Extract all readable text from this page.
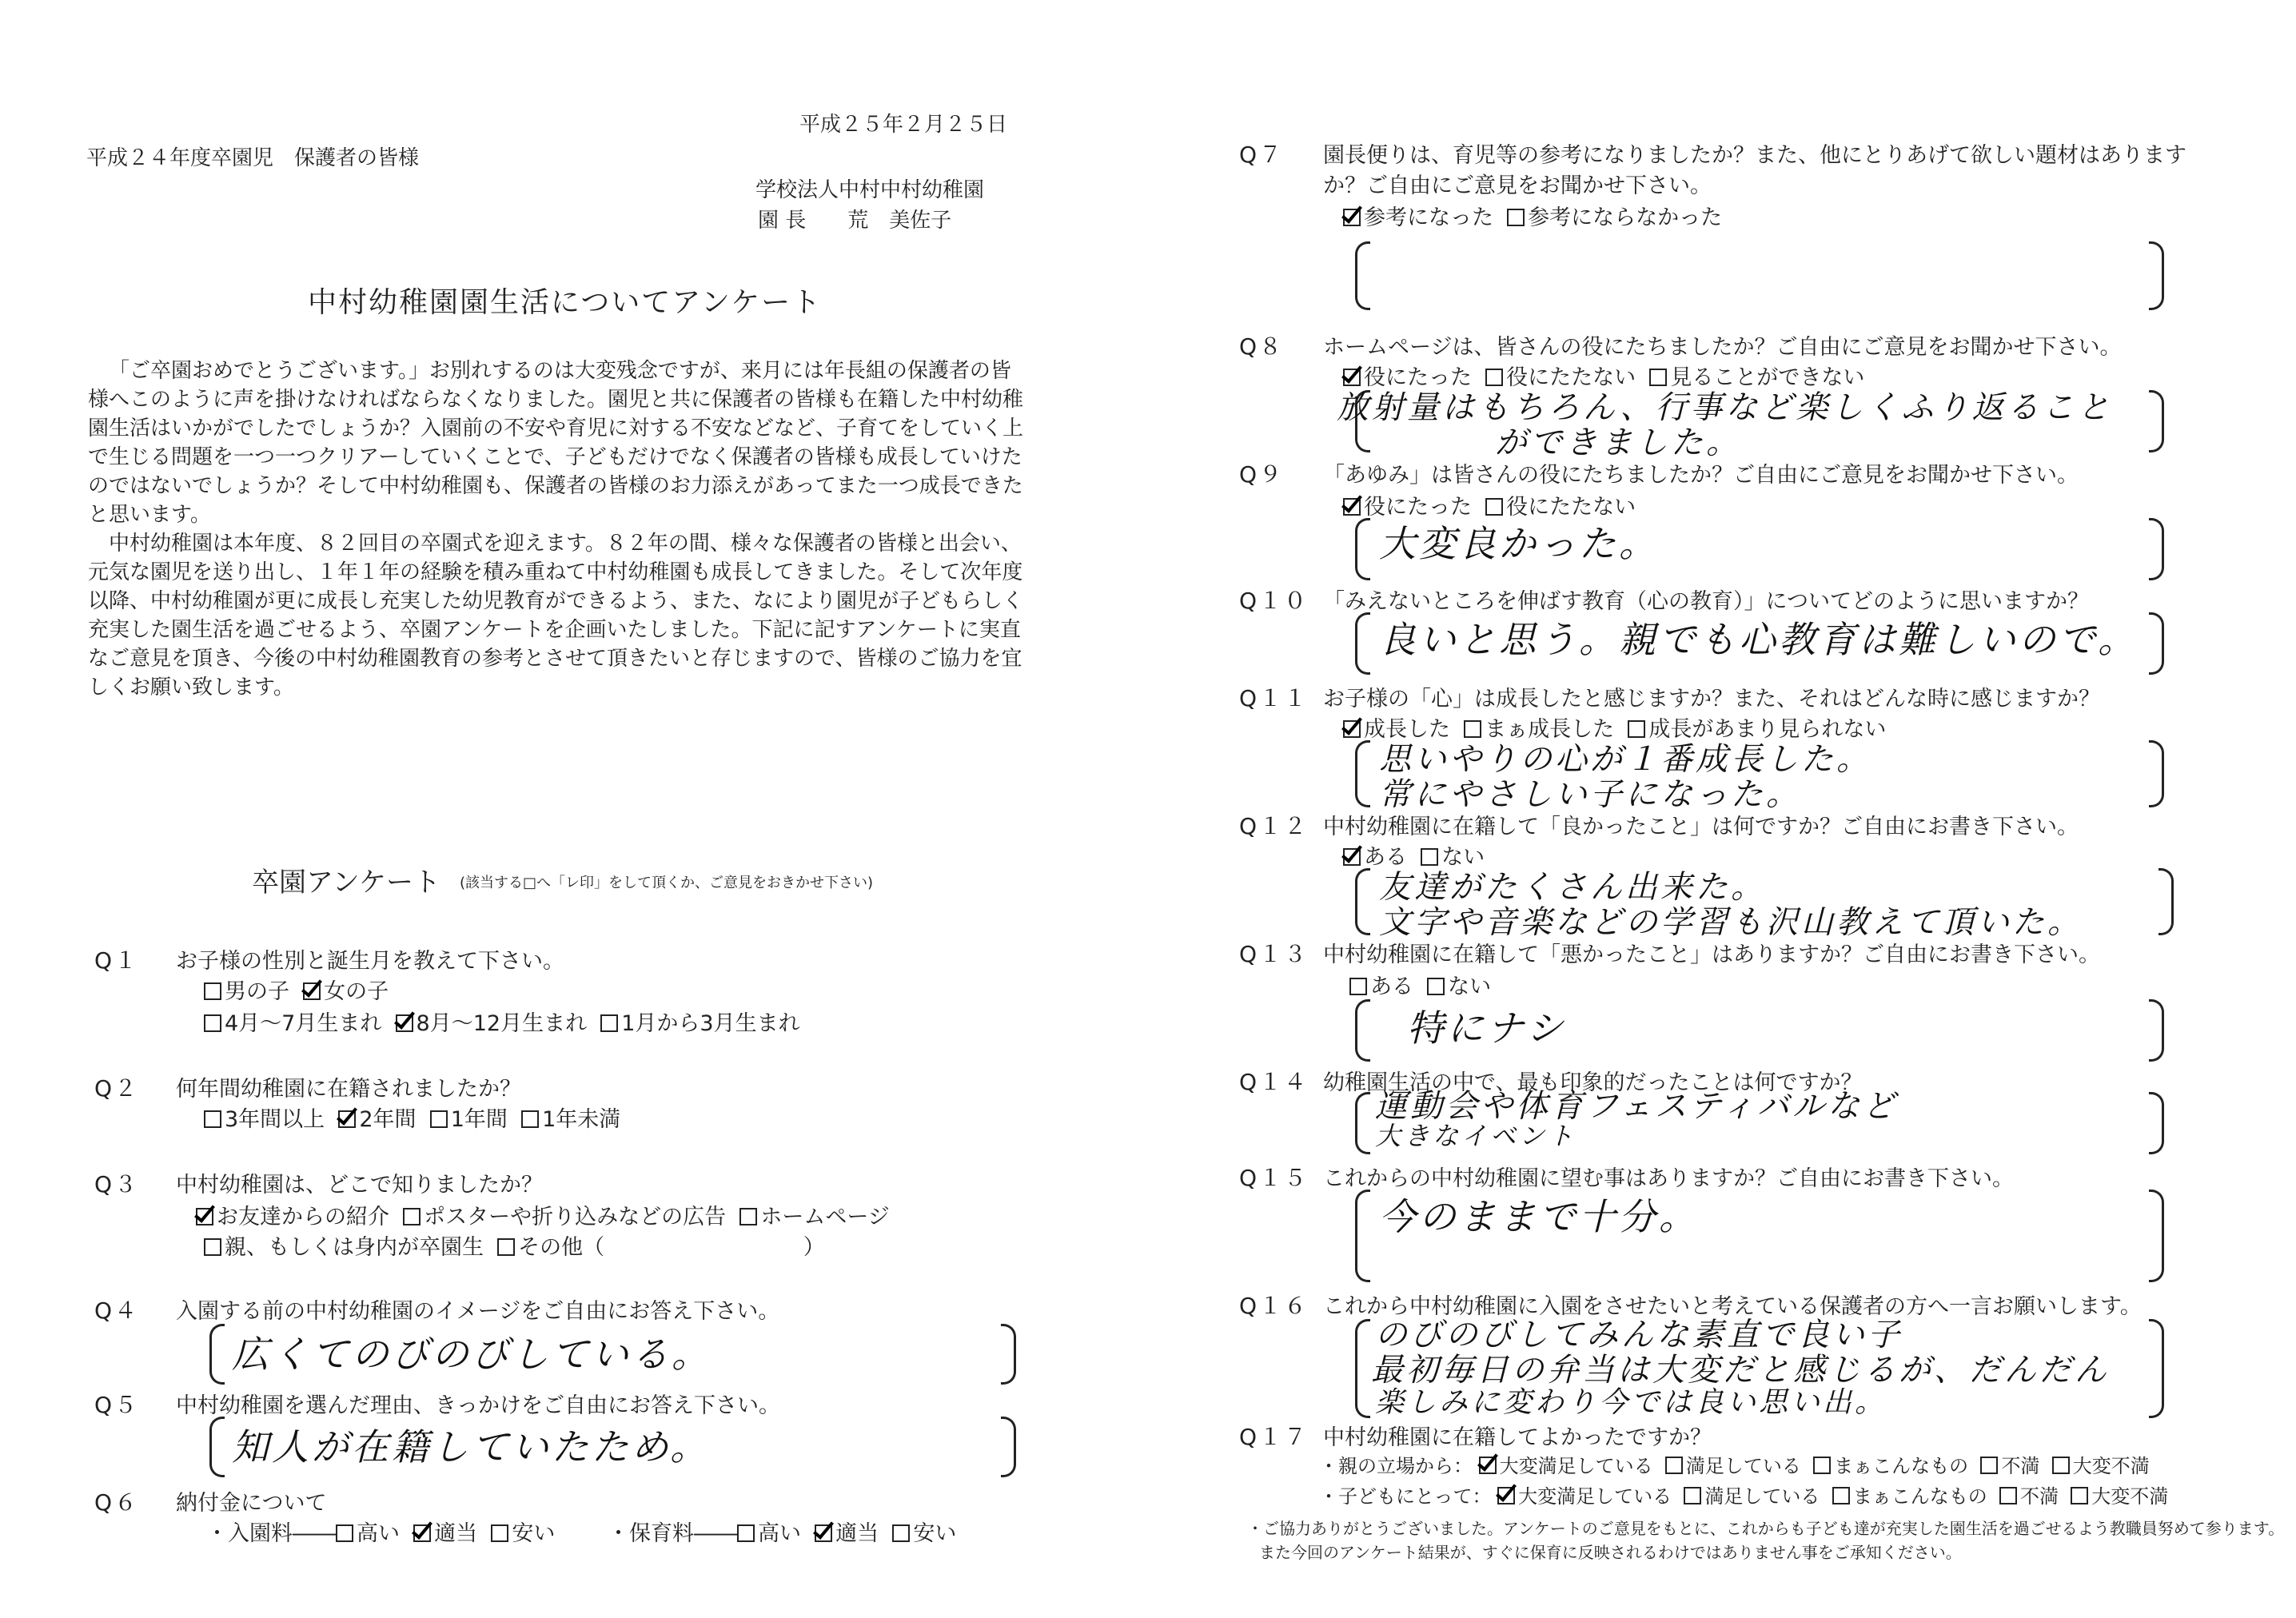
平成２５年２月２５日
平成２４年度卒園児　保護者の皆様
学校法人中村中村幼稚園
園 長　　荒　美佐子
中村幼稚園園生活についてアンケート
「ご卒園おめでとうございます。」お別れするのは大変残念ですが、来月には年長組の保護者の皆様へこのように声を掛けなければならなくなりました。園児と共に保護者の皆様も在籍した中村幼稚園生活はいかがでしたでしょうか？入園前の不安や育児に対する不安などなど、子育てをしていく上で生じる問題を一つ一つクリアーしていくことで、子どもだけでなく保護者の皆様も成長していけたのではないでしょうか？そして中村幼稚園も、保護者の皆様のお力添えがあってまた一つ成長できたと思います。
中村幼稚園は本年度、８２回目の卒園式を迎えます。８２年の間、様々な保護者の皆様と出会い、元気な園児を送り出し、１年１年の経験を積み重ねて中村幼稚園も成長してきました。そして次年度以降、中村幼稚園が更に成長し充実した幼児教育ができるよう、また、なにより園児が子どもらしく充実した園生活を過ごせるよう、卒園アンケートを企画いたしました。下記に記すアンケートに実直なご意見を頂き、今後の中村幼稚園教育の参考とさせて頂きたいと存じますので、皆様のご協力を宜しくお願い致します。
卒園アンケート (該当する□へ「レ印」をして頂くか、ご意見をおきかせ下さい)
Q１ お子様の性別と誕生月を教えて下さい。
男の子 女の子
4月～7月生まれ 8月～12月生まれ 1月から3月生まれ
Q２ 何年間幼稚園に在籍されましたか？
3年間以上 2年間 1年間 1年未満
Q３ 中村幼稚園は、どこで知りましたか？
お友達からの紹介 ポスターや折り込みなどの広告 ホームページ
親、もしくは身内が卒園生 その他（	）
Q４ 入園する前の中村幼稚園のイメージをご自由にお答え下さい。
広くてのびのびしている。
Q５ 中村幼稚園を選んだ理由、きっかけをご自由にお答え下さい。
知人が在籍していたため。
Q６ 納付金について
・入園料―― 高い 適当 安い ・保育料―― 高い 適当 安い
Q７ 園長便りは、育児等の参考になりましたか？また、他にとりあげて欲しい題材はあります
か？ご自由にご意見をお聞かせ下さい。
参考になった 参考にならなかった
Q８ ホームページは、皆さんの役にたちましたか？ご自由にご意見をお聞かせ下さい。
役にたった 役にたたない 見ることができない
放射量はもちろん、行事など楽しくふり返ること
ができました。
Q９ 「あゆみ」は皆さんの役にたちましたか？ご自由にご意見をお聞かせ下さい。
役にたった 役にたたない
大変良かった。
Q１０ 「みえないところを伸ばす教育（心の教育）」についてどのように思いますか？
良いと思う。親でも心教育は難しいので。
Q１１ お子様の「心」は成長したと感じますか？また、それはどんな時に感じますか？
成長した まぁ成長した 成長があまり見られない
思いやりの心が１番成長した。
常にやさしい子になった。
Q１２ 中村幼稚園に在籍して「良かったこと」は何ですか？ご自由にお書き下さい。
ある ない
友達がたくさん出来た。
文字や音楽などの学習も沢山教えて頂いた。
Q１３ 中村幼稚園に在籍して「悪かったこと」はありますか？ご自由にお書き下さい。
ある ない
特にナシ
Q１４ 幼稚園生活の中で、最も印象的だったことは何ですか？
運動会や体育フェスティバルなど
大きなイベント
Q１５ これからの中村幼稚園に望む事はありますか？ご自由にお書き下さい。
今のままで十分。
Q１６ これから中村幼稚園に入園をさせたいと考えている保護者の方へ一言お願いします。
のびのびしてみんな素直で良い子
最初毎日の弁当は大変だと感じるが、だんだん
楽しみに変わり今では良い思い出。
Q１７ 中村幼稚園に在籍してよかったですか？
・親の立場から： 大変満足している 満足している まぁこんなもの 不満 大変不満
・子どもにとって： 大変満足している 満足している まぁこんなもの 不満 大変不満
・ご協力ありがとうございました。アンケートのご意見をもとに、これからも子ども達が充実した園生活を過ごせるよう教職員努めて参ります。
また今回のアンケート結果が、すぐに保育に反映されるわけではありません事をご承知ください。
